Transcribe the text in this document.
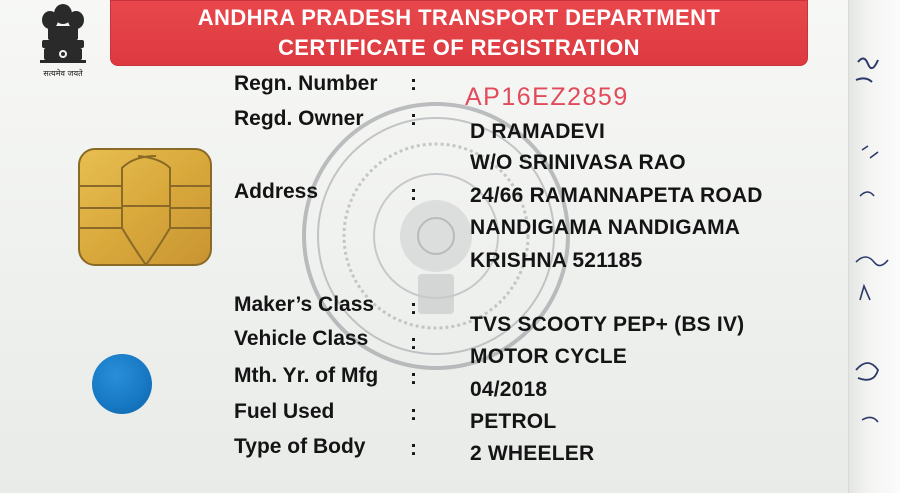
सत्यमेव जयते
ANDHRA PRADESH TRANSPORT DEPARTMENT
CERTIFICATE OF REGISTRATION
Regn. Number : AP16EZ2859
Regd. Owner :
D RAMADEVI
W/O SRINIVASA RAO
Address	:	24/66 RAMANNAPETA ROAD
NANDIGAMA NANDIGAMA
KRISHNA 521185
Maker’s Class :
TVS SCOOTY PEP+ (BS IV)
Vehicle Class :
MOTOR CYCLE
Mth. Yr. of Mfg :
04/2018
Fuel Used	:	PETROL
Type of Body :	2 WHEELER
